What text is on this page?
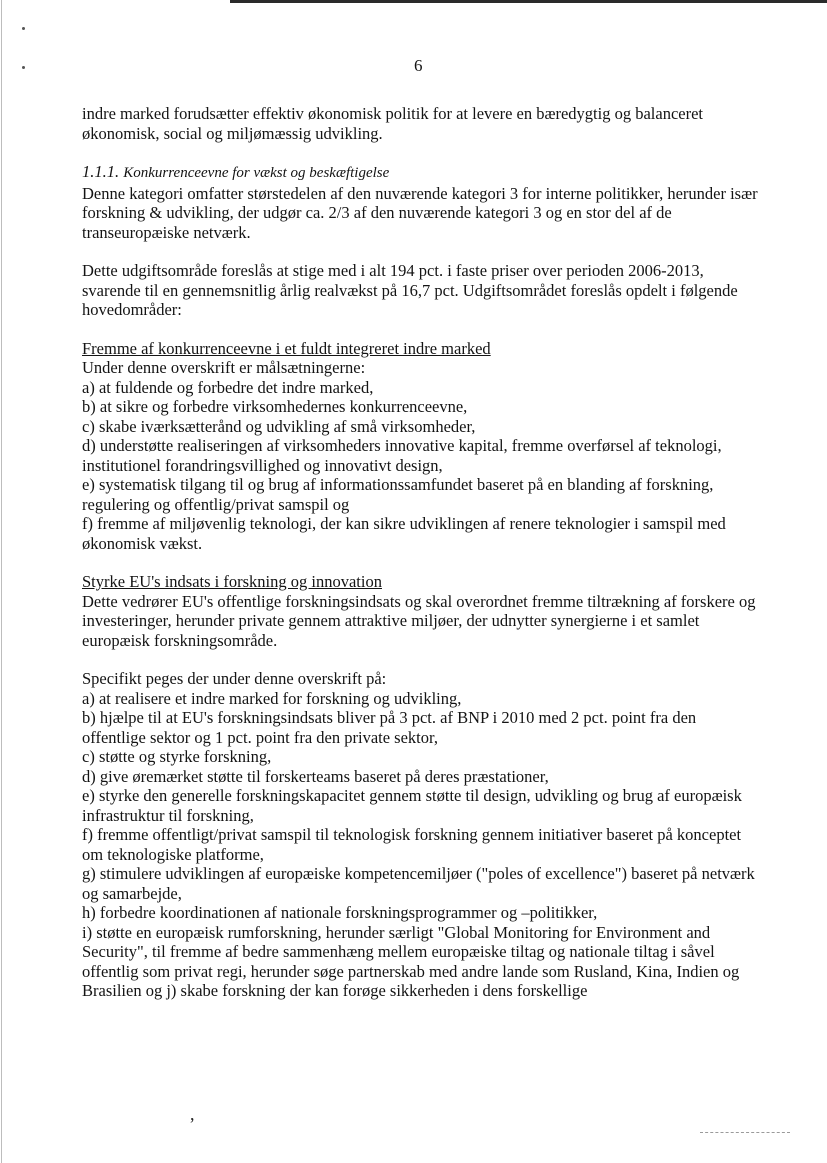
,
6

indre marked forudsætter effektiv økonomisk politik for at levere en bæredygtig og balanceret økonomisk, social og miljømæssig udvikling.

1.1.1. Konkurrenceevne for vækst og beskæftigelse

Denne kategori omfatter størstedelen af den nuværende kategori 3 for interne politikker, herunder især forskning & udvikling, der udgør ca. 2/3 af den nuværende kategori 3 og en stor del af de transeuropæiske netværk.

Dette udgiftsområde foreslås at stige med i alt 194 pct. i faste priser over perioden 2006-2013, svarende til en gennemsnitlig årlig realvækst på 16,7 pct. Udgiftsområdet foreslås opdelt i følgende hovedområder:

Fremme af konkurrenceevne i et fuldt integreret indre marked

Under denne overskrift er målsætningerne:

a) at fuldende og forbedre det indre marked,

b) at sikre og forbedre virksomhedernes konkurrenceevne,

c) skabe iværksætterånd og udvikling af små virksomheder,

d) understøtte realiseringen af virksomheders innovative kapital, fremme overførsel af teknologi, institutionel forandringsvillighed og innovativt design,

e) systematisk tilgang til og brug af informationssamfundet baseret på en blanding af forskning, regulering og offentlig/privat samspil og

f) fremme af miljøvenlig teknologi, der kan sikre udviklingen af renere teknologier i samspil med økonomisk vækst.

Styrke EU's indsats i forskning og innovation

Dette vedrører EU's offentlige forskningsindsats og skal overordnet fremme tiltrækning af forskere og investeringer, herunder private gennem attraktive miljøer, der udnytter synergierne i et samlet europæisk forskningsområde.

Specifikt peges der under denne overskrift på:

a) at realisere et indre marked for forskning og udvikling,

b) hjælpe til at EU's forskningsindsats bliver på 3 pct. af BNP i 2010 med 2 pct. point fra den offentlige sektor og 1 pct. point fra den private sektor,

c) støtte og styrke forskning,

d) give øremærket støtte til forskerteams baseret på deres præstationer,

e) styrke den generelle forskningskapacitet gennem støtte til design, udvikling og brug af europæisk infrastruktur til forskning,

f) fremme offentligt/privat samspil til teknologisk forskning gennem initiativer baseret på konceptet om teknologiske platforme,

g) stimulere udviklingen af europæiske kompetencemiljøer ("poles of excellence") baseret på netværk og samarbejde,

h) forbedre koordinationen af nationale forskningsprogrammer og –politikker,

i) støtte en europæisk rumforskning, herunder særligt "Global Monitoring for Environment and Security", til fremme af bedre sammenhæng mellem europæiske tiltag og nationale tiltag i såvel offentlig som privat regi, herunder søge partnerskab med andre lande som Rusland, Kina, Indien og Brasilien og j) skabe forskning der kan forøge sikkerheden i dens forskellige
